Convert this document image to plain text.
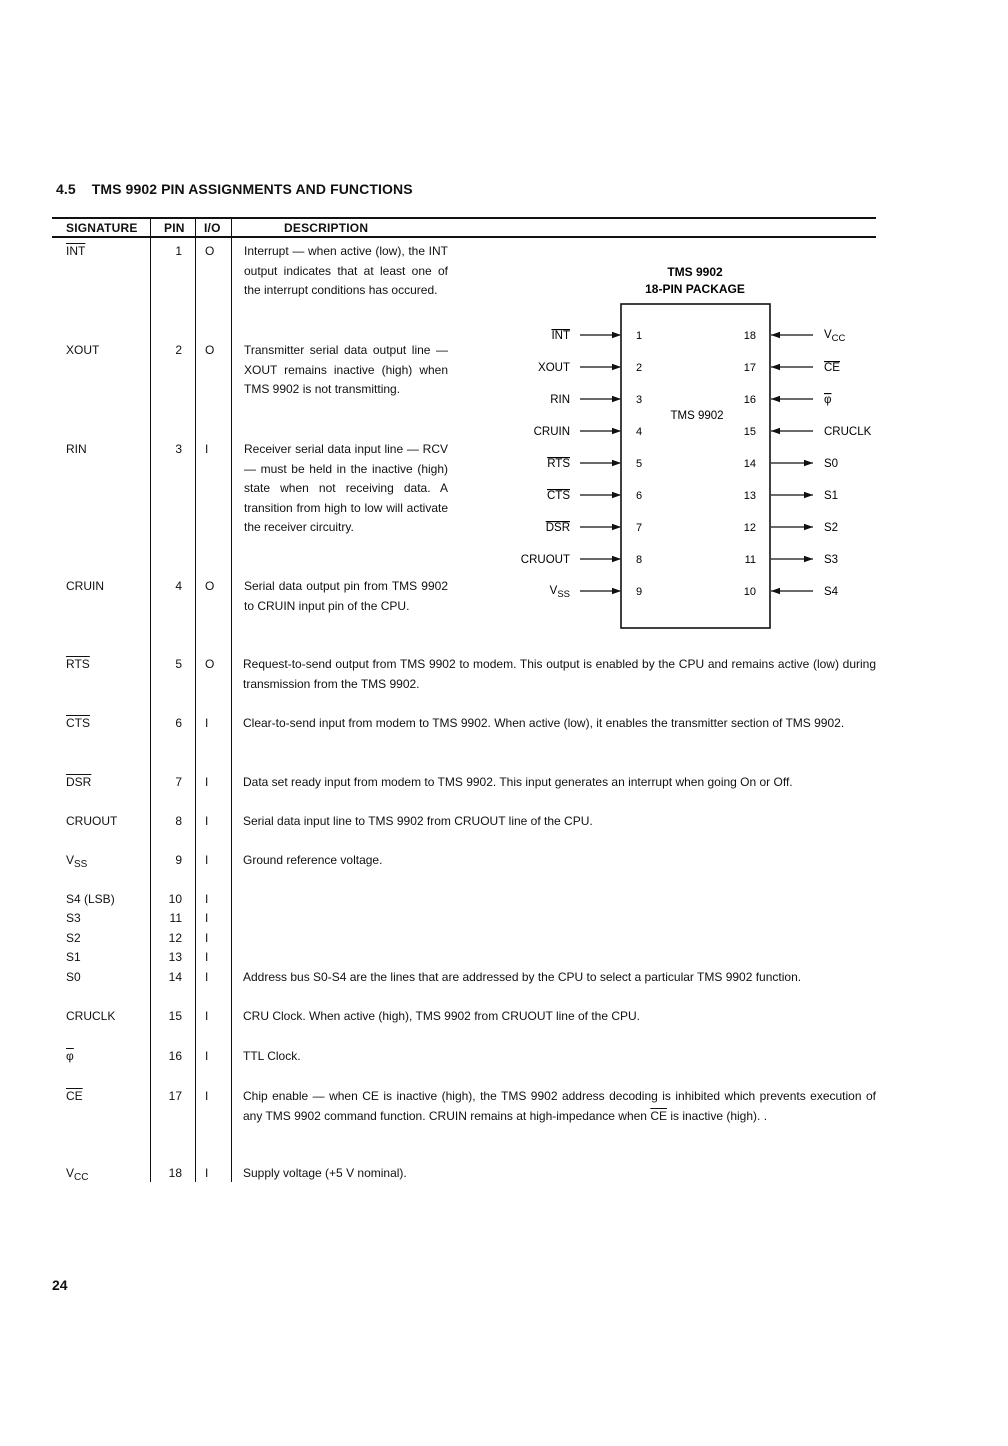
4.5    TMS 9902 PIN ASSIGNMENTS AND FUNCTIONS
SIGNATURE PIN I/O	DESCRIPTION
$\overline{INT}$	1 O Interrupt — when active (low), the INT output indicates that at least one of the interrupt conditions has occured.
XOUT	2 O Transmitter serial data output line — XOUT remains inactive (high) when TMS 9902 is not transmitting.
RIN	3 I	Receiver serial data input line — RCV — must be held in the inactive (high) state when not receiving data. A transition from high to low will activate the receiver circuitry.
CRUIN	4 O Serial data output pin from TMS 9902 to CRUIN input pin of the CPU.
$\overline{RTS}$	5 O Request-to-send output from TMS 9902 to modem. This output is enabled by the CPU and remains active (low) during transmission from the TMS 9902.
$\overline{CTS}$	6 I	Clear-to-send input from modem to TMS 9902. When active (low), it enables the transmitter section of TMS 9902.
$\overline{DSR}$	7 I	Data set ready input from modem to TMS 9902. This input generates an interrupt when going On or Off.
CRUOUT	8 I	Serial data input line to TMS 9902 from CRUOUT line of the CPU.
$V_{SS}$	9 I	Ground reference voltage.
S4 (LSB)	10 I
S3	11 I
S2	12 I
S1	13 I
S0	14 I	Address bus S0-S4 are the lines that are addressed by the CPU to select a particular TMS 9902 function.
CRUCLK	15 I	CRU Clock. When active (high), TMS 9902 from CRUOUT line of the CPU.
$\overline{\varphi}$	16 I	TTL Clock.
$\overline{CE}$	17 I	Chip enable — when CE is inactive (high), the TMS 9902 address decoding is inhibited which prevents execution of any TMS 9902 command function. CRUIN remains at high-impedance when $\overline{CE}$ is inactive (high). .
$V_{CC}$	18 I	Supply voltage (+5 V nominal).
TMS 9902
18-PIN PACKAGE
TMS 9902
INT	1
XOUT	2
RIN	3
CRUIN	4
RTS	5
CTS	6
DSR	7
CRUOUT	8
$V_{SS}$	9
18	$V_{CC}$
17	CE
16	φ
15	CRUCLK
14	S0
13	S1
12	S2
11	S3
10	S4
24
